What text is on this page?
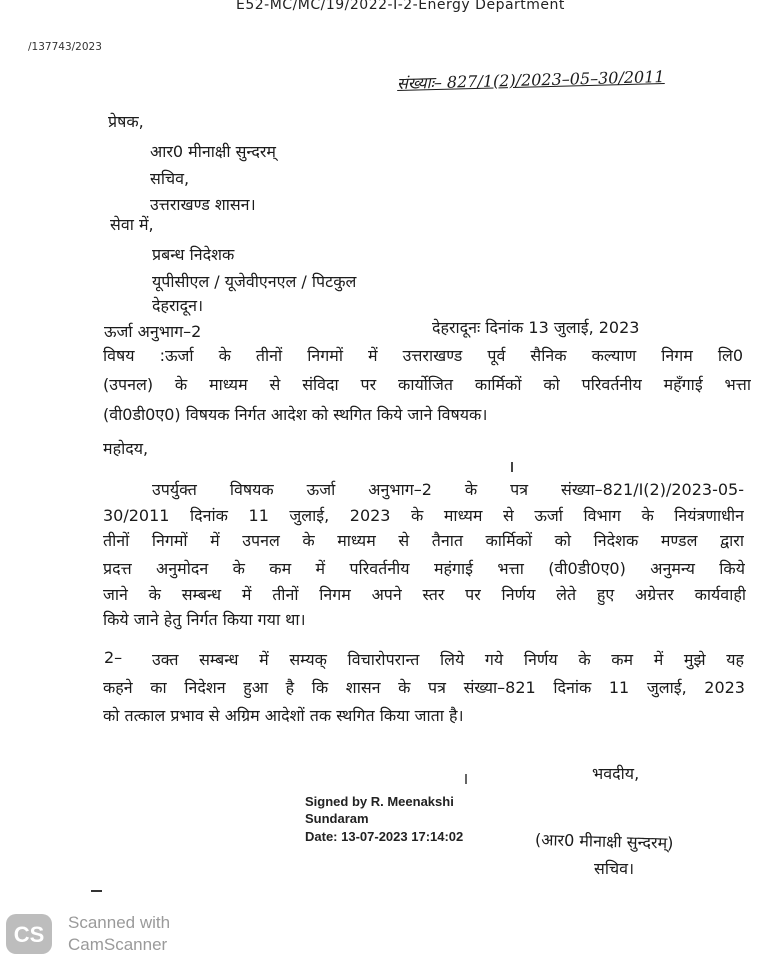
E52-MC/MC/19/2022-I-2-Energy Department
/137743/2023
संख्याः– 827/1(2)/2023–05–30/2011
प्रेषक,
आर0 मीनाक्षी सुन्दरम्
सचिव,
उत्तराखण्ड शासन।
सेवा में,
प्रबन्ध निदेशक
यूपीसीएल / यूजेवीएनएल / पिटकुल
देहरादून।
ऊर्जा अनुभाग–2	देहरादूनः दिनांक 13 जुलाई, 2023
विषय :ऊर्जा के तीनों निगमों में उत्तराखण्ड पूर्व सैनिक कल्याण निगम लि0
(उपनल) के माध्यम से संविदा पर कार्योजित कार्मिकों को परिवर्तनीय महँगाई भत्ता
(वी0डी0ए0) विषयक निर्गत आदेश को स्थगित किये जाने विषयक।
महोदय,
उपर्युक्त विषयक ऊर्जा अनुभाग–2 के पत्र संख्या–821/I(2)/2023-05-
30/2011 दिनांक 11 जुलाई, 2023 के माध्यम से ऊर्जा विभाग के नियंत्रणाधीन
तीनों निगमों में उपनल के माध्यम से तैनात कार्मिकों को निदेशक मण्डल द्वारा
प्रदत्त अनुमोदन के कम में परिवर्तनीय महंगाई भत्ता (वी0डी0ए0) अनुमन्य किये
जाने के सम्बन्ध में तीनों निगम अपने स्तर पर निर्णय लेते हुए अग्रेत्तर कार्यवाही
किये जाने हेतु निर्गत किया गया था।
2– उक्त सम्बन्ध में सम्यक् विचारोपरान्त लिये गये निर्णय के कम में मुझे यह
कहने का निदेशन हुआ है कि शासन के पत्र संख्या–821 दिनांक 11 जुलाई, 2023
को तत्काल प्रभाव से अग्रिम आदेशों तक स्थगित किया जाता है।
भवदीय,
Signed by R. Meenakshi
Sundaram
Date: 13-07-2023 17:14:02	(आर0 मीनाक्षी सुन्दरम्)
सचिव।
CS Scanned with
CamScanner
